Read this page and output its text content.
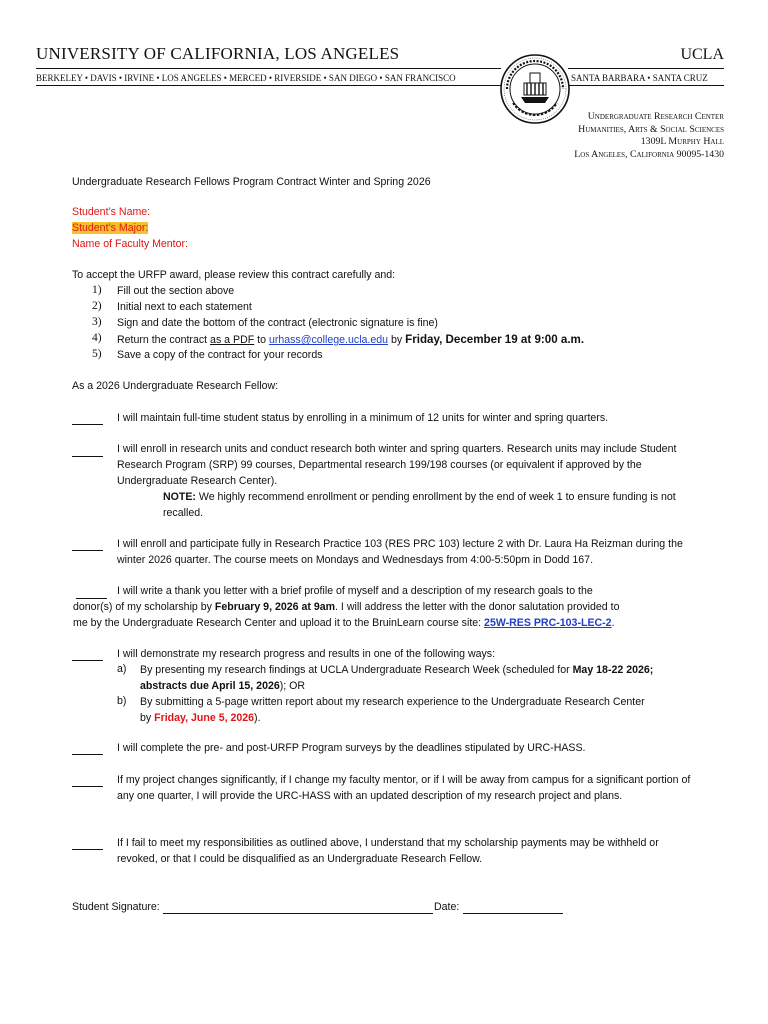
UNIVERSITY OF CALIFORNIA, LOS ANGELES	UCLA
BERKELEY • DAVIS • IRVINE • LOS ANGELES • MERCED • RIVERSIDE • SAN DIEGO • SAN FRANCISCO	SANTA BARBARA • SANTA CRUZ
Undergraduate Research Center
Humanities, Arts & Social Sciences
1309L Murphy Hall
Los Angeles, California 90095-1430
Undergraduate Research Fellows Program Contract Winter and Spring 2026
Student’s Name:
Student’s Major:
Name of Faculty Mentor:
To accept the URFP award, please review this contract carefully and:
1) Fill out the section above
2) Initial next to each statement
3) Sign and date the bottom of the contract (electronic signature is fine)
4) Return the contract as a PDF to urhass@college.ucla.edu by Friday, December 19 at 9:00 a.m.
5) Save a copy of the contract for your records
As a 2026 Undergraduate Research Fellow:
I will maintain full-time student status by enrolling in a minimum of 12 units for winter and spring quarters.
I will enroll in research units and conduct research both winter and spring quarters. Research units may include Student Research Program (SRP) 99 courses, Departmental research 199/198 courses (or equivalent if approved by the Undergraduate Research Center).
NOTE: We highly recommend enrollment or pending enrollment by the end of week 1 to ensure funding is not recalled.
I will enroll and participate fully in Research Practice 103 (RES PRC 103) lecture 2 with Dr. Laura Ha Reizman during the winter 2026 quarter. The course meets on Mondays and Wednesdays from 4:00-5:50pm in Dodd 167.
I will write a thank you letter with a brief profile of myself and a description of my research goals to the
donor(s) of my scholarship by February 9, 2026 at 9am. I will address the letter with the donor salutation provided to
me by the Undergraduate Research Center and upload it to the BruinLearn course site: 25W-RES PRC-103-LEC-2.
I will demonstrate my research progress and results in one of the following ways:
a) By presenting my research findings at UCLA Undergraduate Research Week (scheduled for May 18-22 2026; abstracts due April 15, 2026); OR
b) By submitting a 5-page written report about my research experience to the Undergraduate Research Center
by Friday, June 5, 2026).
I will complete the pre- and post-URFP Program surveys by the deadlines stipulated by URC-HASS.
If my project changes significantly, if I change my faculty mentor, or if I will be away from campus for a significant portion of any one quarter, I will provide the URC-HASS with an updated description of my research project and plans.
If I fail to meet my responsibilities as outlined above, I understand that my scholarship payments may be withheld or revoked, or that I could be disqualified as an Undergraduate Research Fellow.
Student Signature:	Date:
